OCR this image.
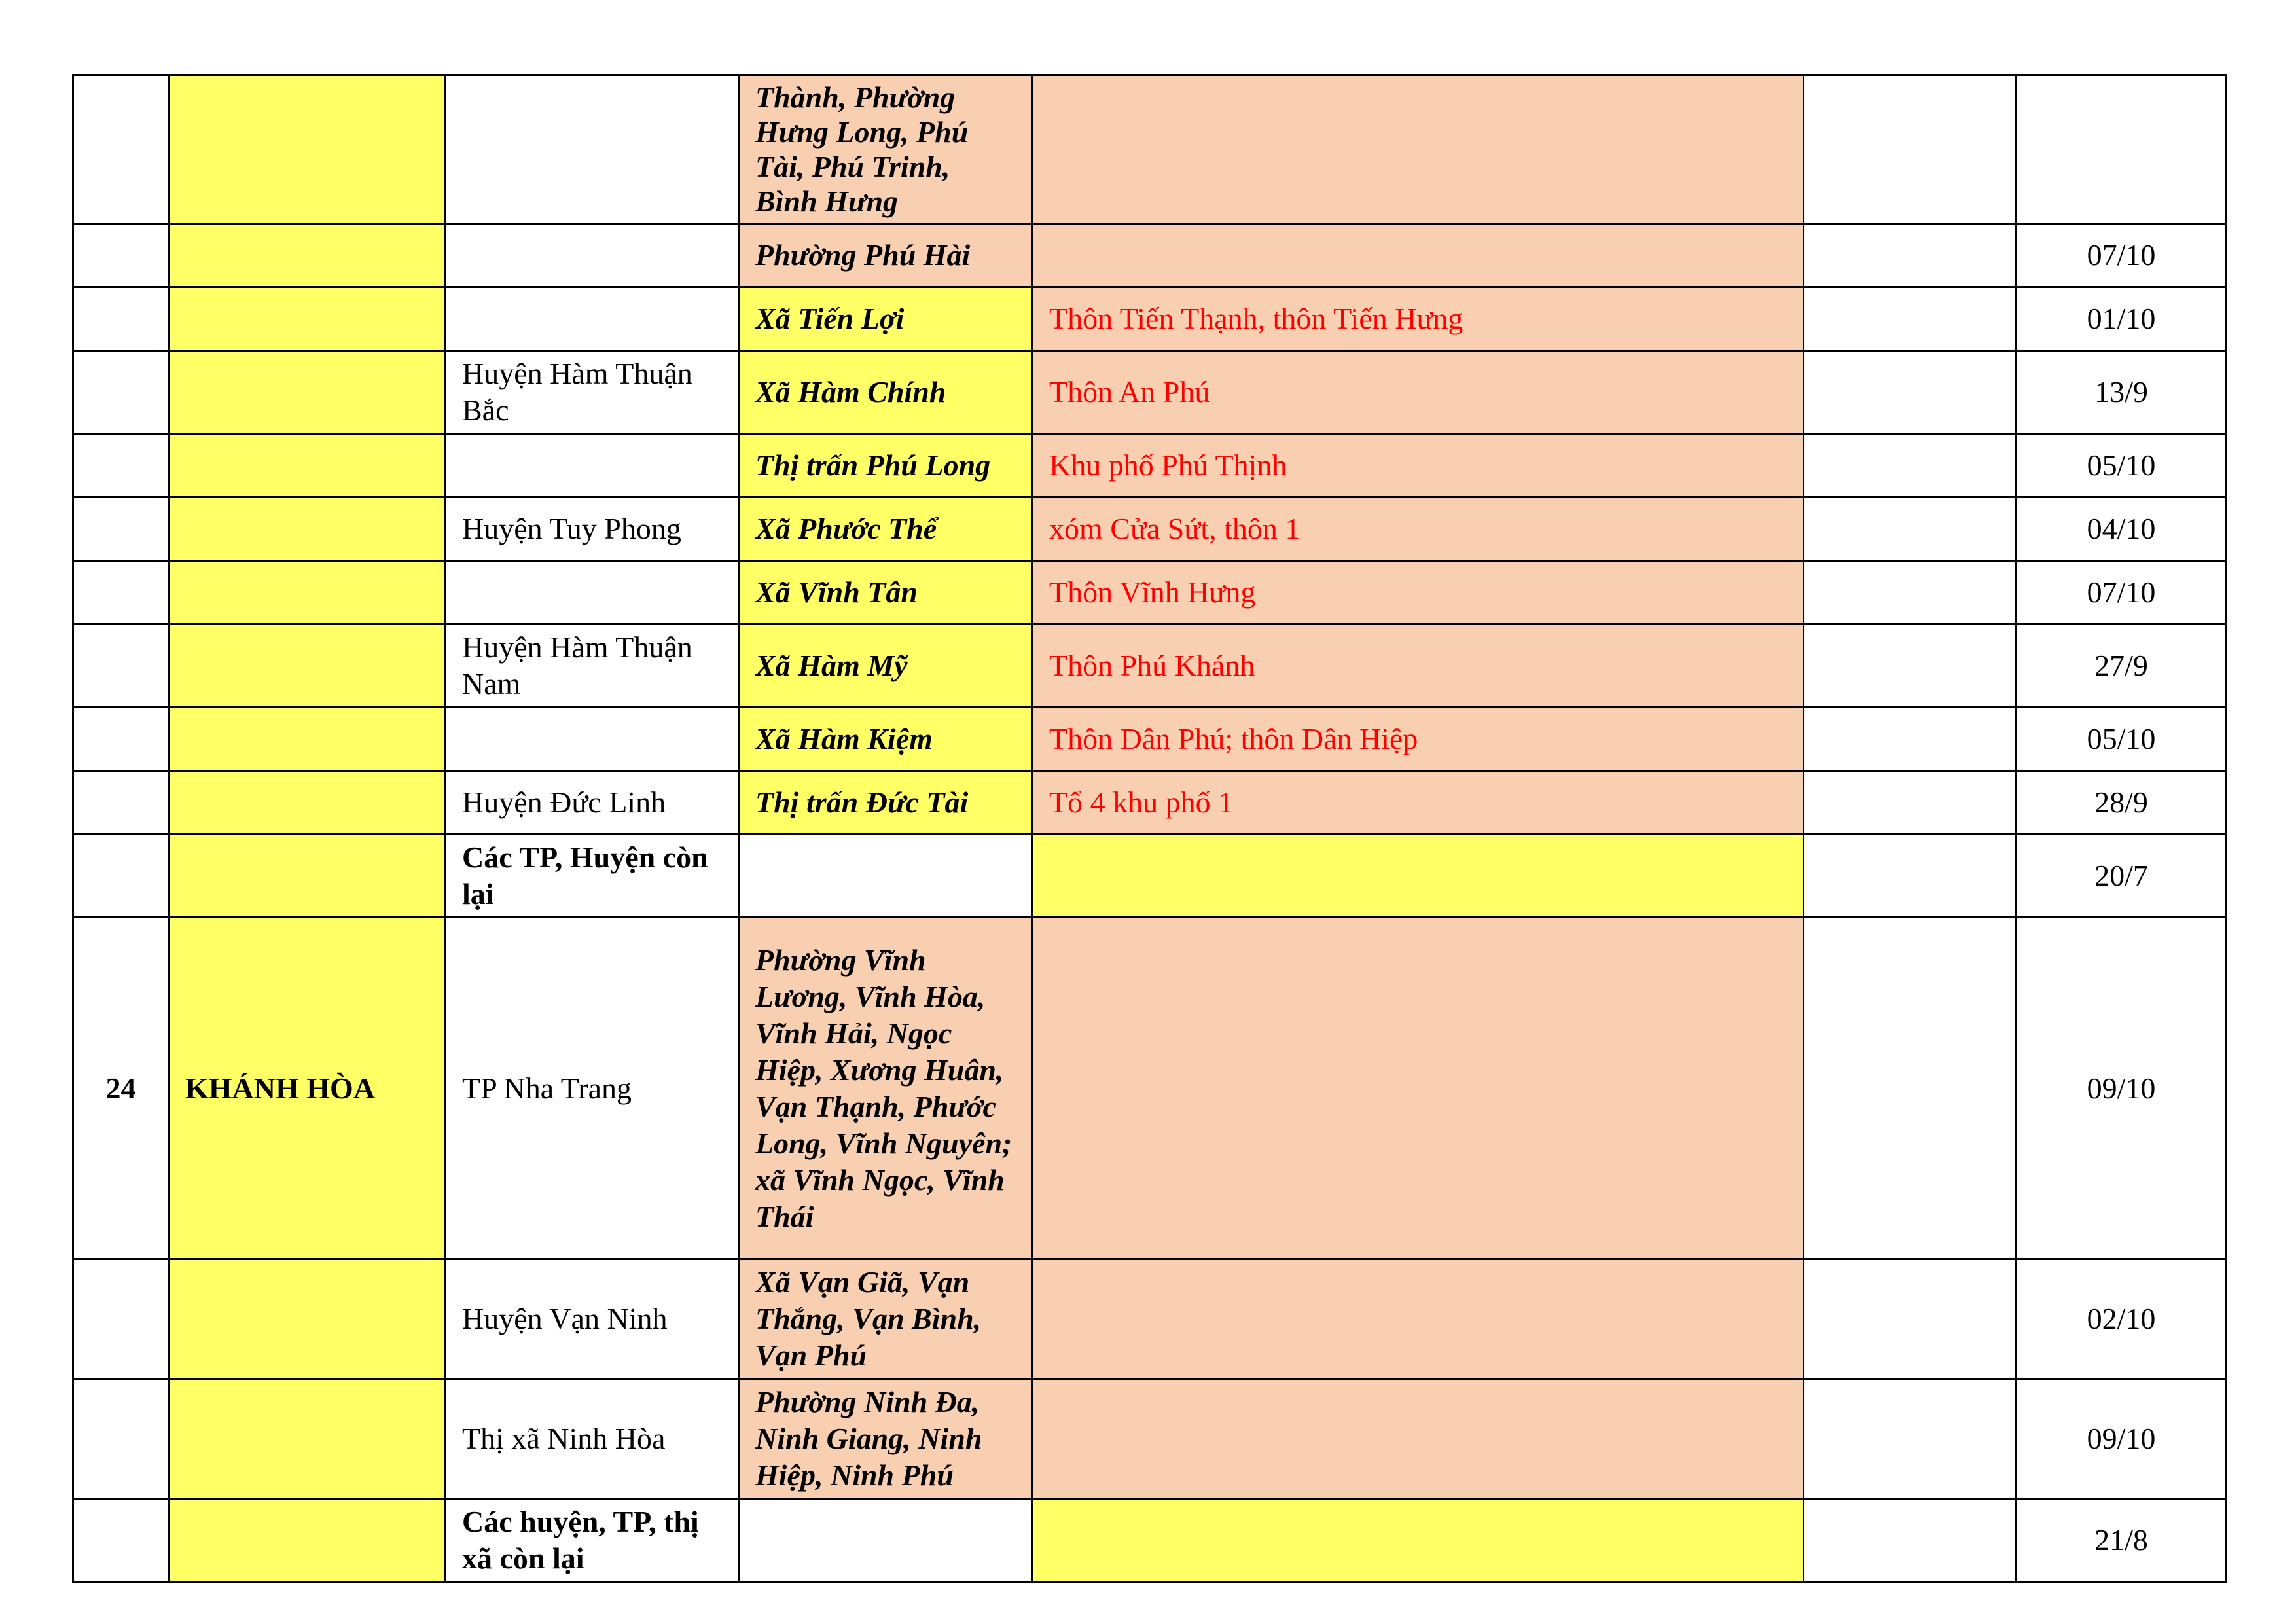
			Thành, Phường Hưng Long, Phú Tài, Phú Trinh, Bình Hưng			
			Phường Phú Hài			07/10
			Xã Tiến Lợi	Thôn Tiến Thạnh, thôn Tiến Hưng		01/10
		Huyện Hàm Thuận Bắc	Xã Hàm Chính	Thôn An Phú		13/9
			Thị trấn Phú Long	Khu phố Phú Thịnh		05/10
		Huyện Tuy Phong	Xã Phước Thể	xóm Cửa Sứt, thôn 1		04/10
			Xã Vĩnh Tân	Thôn Vĩnh Hưng		07/10
		Huyện Hàm Thuận Nam	Xã Hàm Mỹ	Thôn Phú Khánh		27/9
			Xã Hàm Kiệm	Thôn Dân Phú; thôn Dân Hiệp		05/10
		Huyện Đức Linh	Thị trấn Đức Tài	Tổ 4 khu phố 1		28/9
		Các TP, Huyện còn lại				20/7
24	KHÁNH HÒA	TP Nha Trang	Phường Vĩnh Lương, Vĩnh Hòa, Vĩnh Hải, Ngọc Hiệp, Xương Huân, Vạn Thạnh, Phước Long, Vĩnh Nguyên; xã Vĩnh Ngọc, Vĩnh Thái			09/10
		Huyện Vạn Ninh	Xã Vạn Giã, Vạn Thắng, Vạn Bình, Vạn Phú			02/10
		Thị xã Ninh Hòa	Phường Ninh Đa, Ninh Giang, Ninh Hiệp, Ninh Phú			09/10
		Các huyện, TP, thị xã còn lại				21/8
